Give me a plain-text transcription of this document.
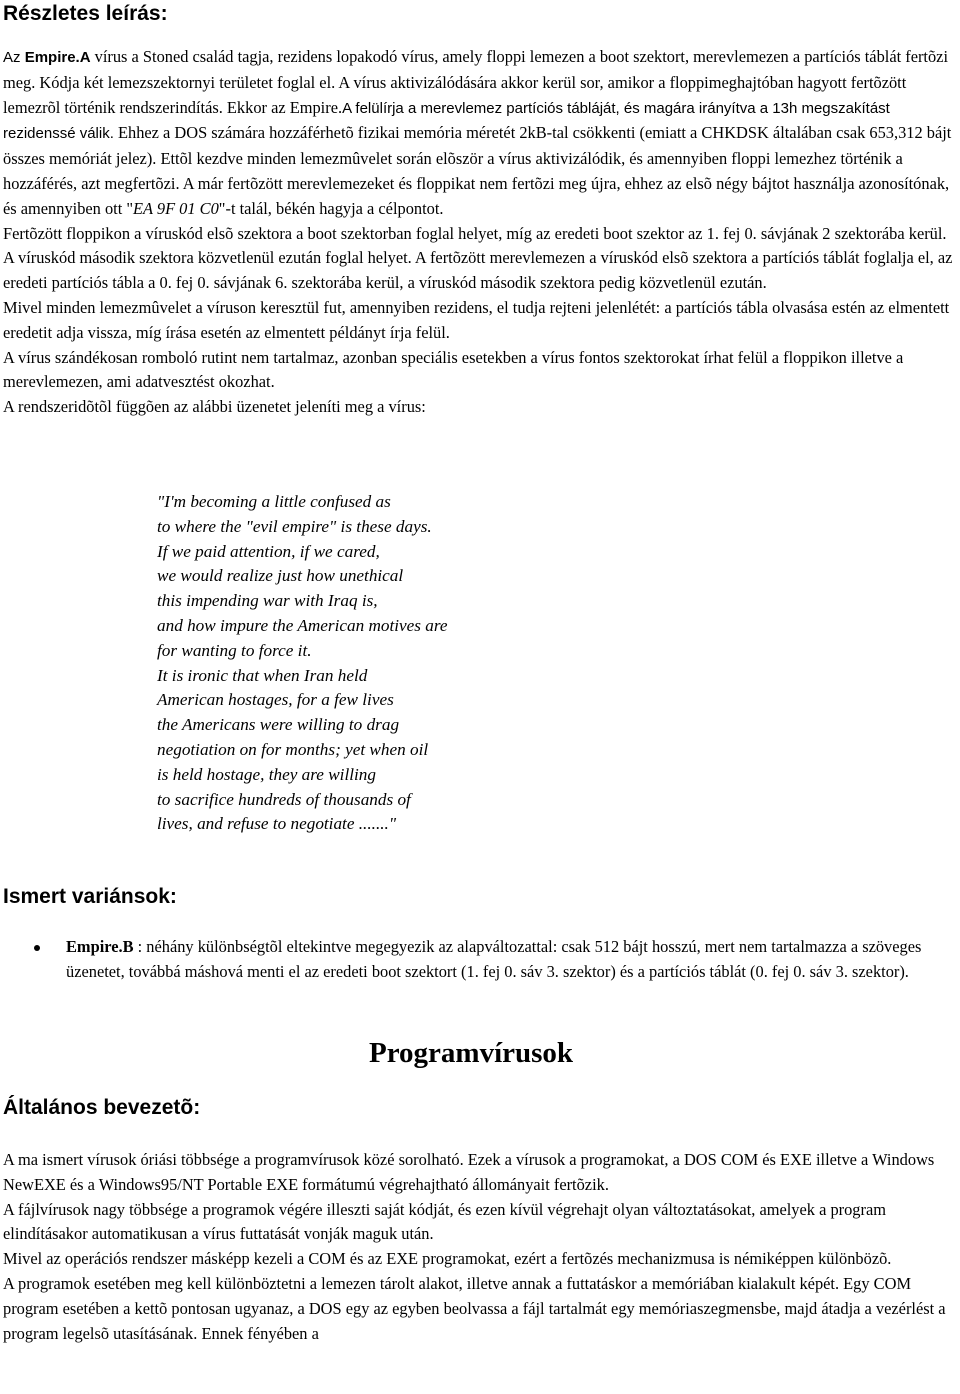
Részletes leírás:

Az Empire.A vírus a Stoned család tagja, rezidens lopakodó vírus, amely floppi lemezen a boot szektort, merevlemezen a partíciós táblát fertõzi meg. Kódja két lemezszektornyi területet foglal el. A vírus aktivizálódására akkor kerül sor, amikor a floppimeghajtóban hagyott fertõzött lemezrõl történik rendszerindítás. Ekkor az Empire.A felülírja a merevlemez partíciós tábláját, és magára irányítva a 13h megszakítást rezidenssé válik. Ehhez a DOS számára hozzáférhetõ fizikai memória méretét 2kB-tal csökkenti (emiatt a CHKDSK általában csak 653,312 bájt összes memóriát jelez). Ettõl kezdve minden lemezmûvelet során elõször a vírus aktivizálódik, és amennyiben floppi lemezhez történik a hozzáférés, azt megfertõzi. A már fertõzött merevlemezeket és floppikat nem fertõzi meg újra, ehhez az elsõ négy bájtot használja azonosítónak, és amennyiben ott "EA 9F 01 C0"-t talál, békén hagyja a célpontot.

Fertõzött floppikon a víruskód elsõ szektora a boot szektorban foglal helyet, míg az eredeti boot szektor az 1. fej 0. sávjának 2 szektorába kerül. A víruskód második szektora közvetlenül ezután foglal helyet. A fertõzött merevlemezen a víruskód elsõ szektora a partíciós táblát foglalja el, az eredeti partíciós tábla a 0. fej 0. sávjának 6. szektorába kerül, a víruskód második szektora pedig közvetlenül ezután.

Mivel minden lemezmûvelet a víruson keresztül fut, amennyiben rezidens, el tudja rejteni jelenlétét: a partíciós tábla olvasása estén az elmentett eredetit adja vissza, míg írása esetén az elmentett példányt írja felül.

A vírus szándékosan romboló rutint nem tartalmaz, azonban speciális esetekben a vírus fontos szektorokat írhat felül a floppikon illetve a merevlemezen, ami adatvesztést okozhat.

A rendszeridõtõl függõen az alábbi üzenetet jeleníti meg a vírus:

"I'm becoming a little confused as
to where the "evil empire" is these days.
If we paid attention, if we cared,
we would realize just how unethical
this impending war with Iraq is,
and how impure the American motives are
for wanting to force it.
It is ironic that when Iran held
American hostages, for a few lives
the Americans were willing to drag
negotiation on for months; yet when oil
is held hostage, they are willing
to sacrifice hundreds of thousands of
lives, and refuse to negotiate ......."
Ismert variánsok:
Empire.B : néhány különbségtõl eltekintve megegyezik az alapváltozattal: csak 512 bájt hosszú, mert nem tartalmazza a szöveges üzenetet, továbbá máshová menti el az eredeti boot szektort (1. fej 0. sáv 3. szektor) és a partíciós táblát (0. fej 0. sáv 3. szektor).
Programvírusok
Általános bevezetõ:

A ma ismert vírusok óriási többsége a programvírusok közé sorolható. Ezek a vírusok a programokat, a DOS COM és EXE illetve a Windows NewEXE és a Windows95/NT Portable EXE formátumú végrehajtható állományait fertõzik.

A fájlvírusok nagy többsége a programok végére illeszti saját kódját, és ezen kívül végrehajt olyan változtatásokat, amelyek a program elindításakor automatikusan a vírus futtatását vonják maguk után.

Mivel az operációs rendszer másképp kezeli a COM és az EXE programokat, ezért a fertõzés mechanizmusa is némiképpen különbözõ.

A programok esetében meg kell különböztetni a lemezen tárolt alakot, illetve annak a futtatáskor a memóriában kialakult képét. Egy COM program esetében a kettõ pontosan ugyanaz, a DOS egy az egyben beolvassa a fájl tartalmát egy memóriaszegmensbe, majd átadja a vezérlést a program legelsõ utasításának. Ennek fényében a
